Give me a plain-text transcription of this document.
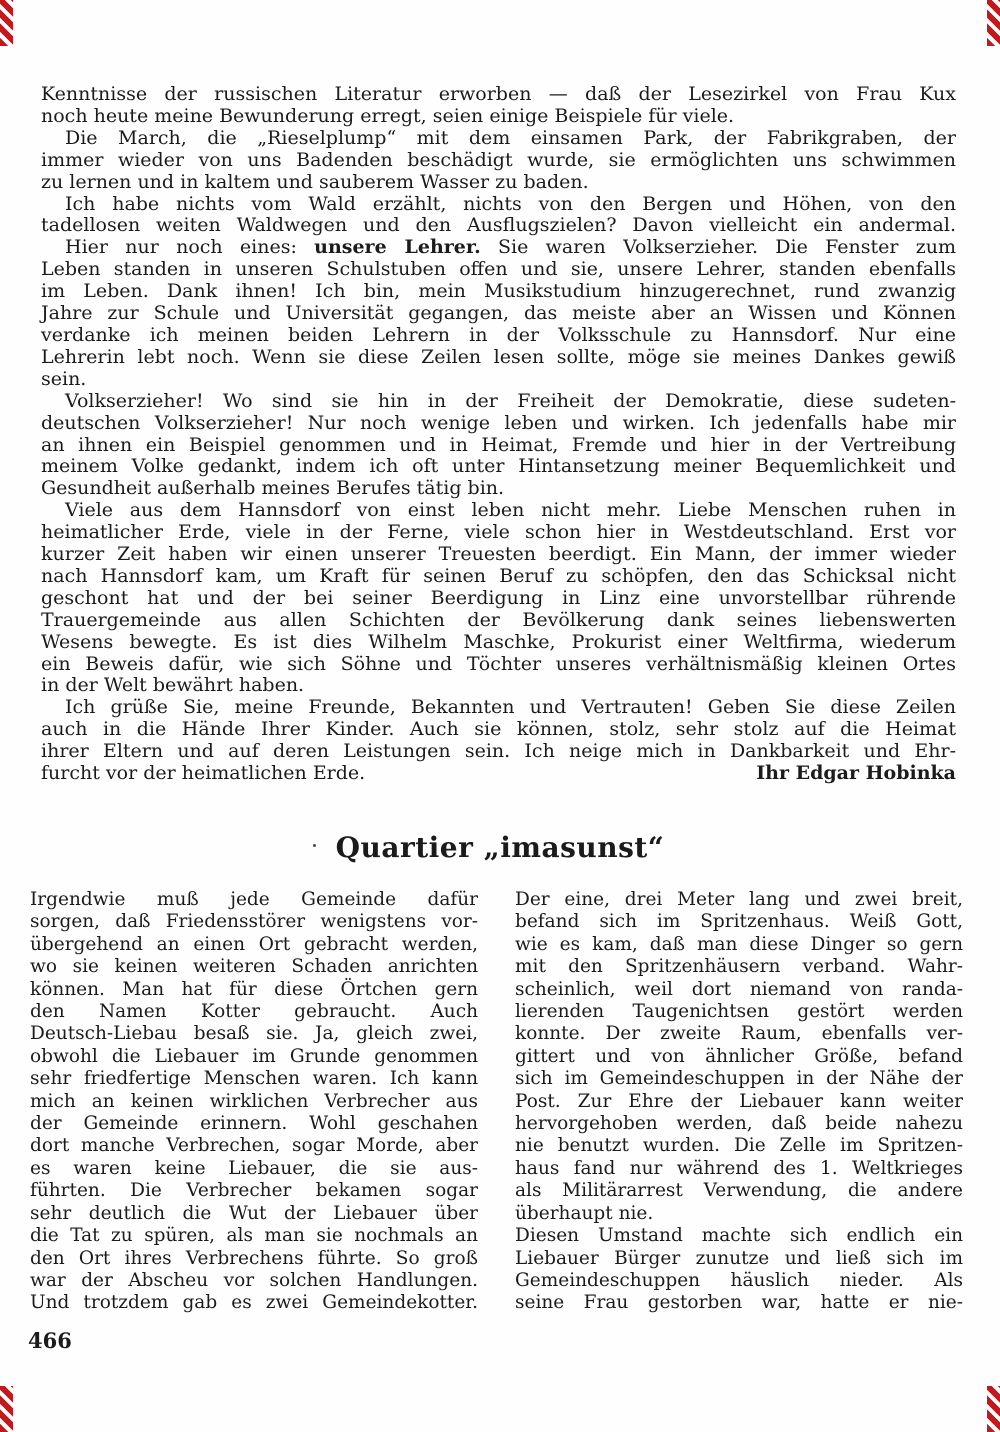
Kenntnisse der russischen Literatur erworben — daß der Lesezirkel von Frau Kux
noch heute meine Bewunderung erregt, seien einige Beispiele für viele.
Die March, die „Rieselplump“ mit dem einsamen Park, der Fabrikgraben, der
immer wieder von uns Badenden beschädigt wurde, sie ermöglichten uns schwimmen
zu lernen und in kaltem und sauberem Wasser zu baden.
Ich habe nichts vom Wald erzählt, nichts von den Bergen und Höhen, von den
tadellosen weiten Waldwegen und den Ausflugszielen? Davon vielleicht ein andermal.
Hier nur noch eines: unsere Lehrer. Sie waren Volkserzieher. Die Fenster zum
Leben standen in unseren Schulstuben offen und sie, unsere Lehrer, standen ebenfalls
im Leben. Dank ihnen! Ich bin, mein Musikstudium hinzugerechnet, rund zwanzig
Jahre zur Schule und Universität gegangen, das meiste aber an Wissen und Können
verdanke ich meinen beiden Lehrern in der Volksschule zu Hannsdorf. Nur eine
Lehrerin lebt noch. Wenn sie diese Zeilen lesen sollte, möge sie meines Dankes gewiß
sein.
Volkserzieher! Wo sind sie hin in der Freiheit der Demokratie, diese sudeten-
deutschen Volkserzieher! Nur noch wenige leben und wirken. Ich jedenfalls habe mir
an ihnen ein Beispiel genommen und in Heimat, Fremde und hier in der Vertreibung
meinem Volke gedankt, indem ich oft unter Hintansetzung meiner Bequemlichkeit und
Gesundheit außerhalb meines Berufes tätig bin.
Viele aus dem Hannsdorf von einst leben nicht mehr. Liebe Menschen ruhen in
heimatlicher Erde, viele in der Ferne, viele schon hier in Westdeutschland. Erst vor
kurzer Zeit haben wir einen unserer Treuesten beerdigt. Ein Mann, der immer wieder
nach Hannsdorf kam, um Kraft für seinen Beruf zu schöpfen, den das Schicksal nicht
geschont hat und der bei seiner Beerdigung in Linz eine unvorstellbar rührende
Trauergemeinde aus allen Schichten der Bevölkerung dank seines liebenswerten
Wesens bewegte. Es ist dies Wilhelm Maschke, Prokurist einer Weltfirma, wiederum
ein Beweis dafür, wie sich Söhne und Töchter unseres verhältnismäßig kleinen Ortes
in der Welt bewährt haben.
Ich grüße Sie, meine Freunde, Bekannten und Vertrauten! Geben Sie diese Zeilen
auch in die Hände Ihrer Kinder. Auch sie können, stolz, sehr stolz auf die Heimat
ihrer Eltern und auf deren Leistungen sein. Ich neige mich in Dankbarkeit und Ehr-
furcht vor der heimatlichen Erde.	Ihr Edgar Hobinka
Quartier „imasunst“
Irgendwie muß jede Gemeinde dafür
sorgen, daß Friedensstörer wenigstens vor-
übergehend an einen Ort gebracht werden,
wo sie keinen weiteren Schaden anrichten
können. Man hat für diese Örtchen gern
den Namen Kotter gebraucht. Auch
Deutsch-Liebau besaß sie. Ja, gleich zwei,
obwohl die Liebauer im Grunde genommen
sehr friedfertige Menschen waren. Ich kann
mich an keinen wirklichen Verbrecher aus
der Gemeinde erinnern. Wohl geschahen
dort manche Verbrechen, sogar Morde, aber
es waren keine Liebauer, die sie aus-
führten. Die Verbrecher bekamen sogar
sehr deutlich die Wut der Liebauer über
die Tat zu spüren, als man sie nochmals an
den Ort ihres Verbrechens führte. So groß
war der Abscheu vor solchen Handlungen.
Und trotzdem gab es zwei Gemeindekotter.
Der eine, drei Meter lang und zwei breit,
befand sich im Spritzenhaus. Weiß Gott,
wie es kam, daß man diese Dinger so gern
mit den Spritzenhäusern verband. Wahr-
scheinlich, weil dort niemand von randa-
lierenden Taugenichtsen gestört werden
konnte. Der zweite Raum, ebenfalls ver-
gittert und von ähnlicher Größe, befand
sich im Gemeindeschuppen in der Nähe der
Post. Zur Ehre der Liebauer kann weiter
hervorgehoben werden, daß beide nahezu
nie benutzt wurden. Die Zelle im Spritzen-
haus fand nur während des 1. Weltkrieges
als Militärarrest Verwendung, die andere
überhaupt nie.
Diesen Umstand machte sich endlich ein
Liebauer Bürger zunutze und ließ sich im
Gemeindeschuppen häuslich nieder. Als
seine Frau gestorben war, hatte er nie-
466
